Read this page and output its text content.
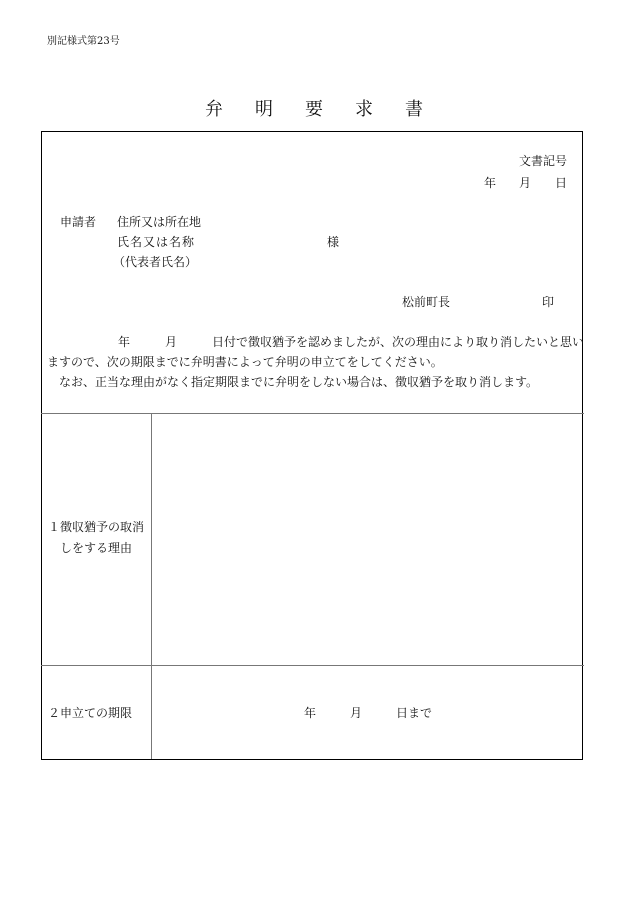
別記様式第23号
弁明要求書
文書記号
年 月 日
申請者 住所又は所在地
氏名又は名称	様
（代表者氏名）
松前町長	印
年	月	日付で徴収猶予を認めましたが、次の理由により取り消したいと思い
ますので、次の期限までに弁明書によって弁明の申立てをしてください。
なお、正当な理由がなく指定期限までに弁明をしない場合は、徴収猶予を取り消します。
１徴収猶予の取消
しをする理由
２申立ての期限	年	月	日まで
